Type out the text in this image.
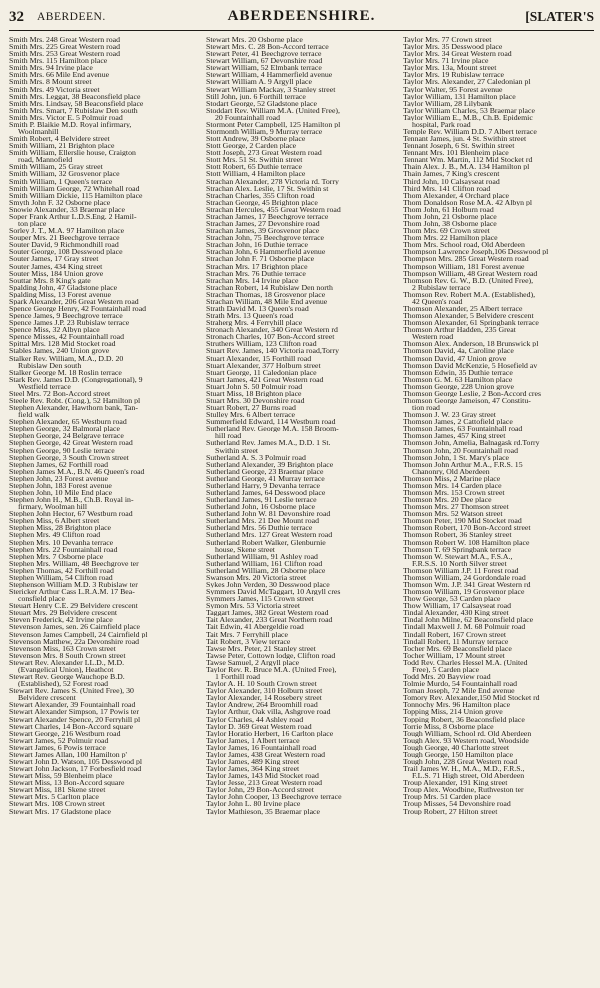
32 ABERDEEN.	ABERDEENSHIRE.	[SLATER'S
Smith Mrs. 248 Great Western road
Smith Mrs. 225 Great Western road
Smith Mrs. 253 Great Western road
Smith Mrs. 115 Hamilton place
Smith Mrs. 94 Irvine place
Smith Mrs. 66 Mile End avenue
Smith Mrs. 8 Mount street
Smith Mrs. 49 Victoria street
Smith Mrs. Leggat, 38 Beaconsfield place
Smith Mrs. Lindsay, 58 Beaconsfield place
Smith Mrs. Smart, 7 Rubislaw Den south
Smith Mrs. Victor E. 5 Polmuir road
Smith P. Blaikie M.D. Royal infirmary,
Woolmanhill
Smith Robert, 4 Belvidere street
Smith William, 21 Brighton place
Smith William, Ellerslie house, Craigton
road, Mannofield
Smith William, 25 Gray street
Smith William, 32 Grosvenor place
Smith William, 1 Queen's terrace
Smith William George, 72 Whitehall road
Smith William Dickie, 115 Hamilton place
Smyth John F. 32 Osborne place
Snowie Alexander, 33 Braemar place
Soper Frank Arthur L.D.S.Eng. 2 Hamil-
ton place
Sorley J. T., M.A. 97 Hamilton place
Souper Mrs. 21 Beechgrove terrace
Souter David, 9 Richmondhill road
Souter George, 108 Desswood place
Souter James, 17 Gray street
Souter James, 434 King street
Souter Miss, 184 Union grove
Souttar Mrs. 8 King's gate
Spalding John, 47 Gladstone place
Spalding Miss, 13 Forest avenue
Spark Alexander, 206 Great Western road
Spence George Henry, 42 Fountainhall road
Spence James, 9 Beechgrove terrace
Spence James J.P. 23 Rubislaw terrace
Spence Miss, 32 Albyn place
Spence Misses, 42 Fountainhall road
Spittal Mrs. 128 Mid Stocket road
Stables James, 240 Union grove
Stalker Rev. William, M.A., D.D. 20
Rubislaw Den south
Stalker George M. 18 Roslin terrace
Stark Rev. James D.D. (Congregational), 9
Westfield terrace
Steel Mrs. 72 Bon-Accord street
Steele Rev. Robt. (Cong.), 52 Hamilton pl
Stephen Alexander, Hawthorn bank, Tan-
field walk
Stephen Alexander, 65 Westburn road
Stephen George, 32 Balmoral place
Stephen George, 24 Belgrave terrace
Stephen George, 42 Great Western road
Stephen George, 90 Leslie terrace
Stephen George, 3 South Crown street
Stephen James, 62 Forthill road
Stephen James M.A., B.N. 46 Queen's road
Stephen John, 23 Forest avenue
Stephen John, 183 Forest avenue
Stephen John, 10 Mile End place
Stephen John H., M.B., Ch.B. Royal in-
firmary, Woolman hill
Stephen John Hector, 67 Westburn road
Stephen Miss, 6 Albert street
Stephen Miss, 28 Brighton place
Stephen Mrs. 49 Clifton road
Stephen Mrs. 10 Devanha terrace
Stephen Mrs. 22 Fountainhall road
Stephen Mrs. 7 Osborne place
Stephen Mrs. William, 48 Beechgrove ter
Stephen Thomas, 42 Forthill road
Stephen William, 54 Clifton road
Stephenson William M.D. 3 Rubislaw ter
Stericker Arthur Cass L.R.A.M. 17 Bea-
consfield place
Steuart Henry C.E. 29 Belvidere crescent
Steuart Mrs. 29 Belvidere crescent
Steven Frederick, 42 Irvine place
Stevenson James, sen. 26 Cairnfield place
Stevenson James Campbell, 24 Cairnfield pl
Stevenson Matthew, 22a Devonshire road
Stevenson Miss, 163 Crown street
Stevenson Mrs. 8 South Crown street
Stewart Rev. Alexander LL.D., M.D.
(Evangelical Union), Heathcot
Stewart Rev. George Wauchope B.D.
(Established), 52 Forest road
Stewart Rev. James S. (United Free), 30
Belvidere crescent
Stewart Alexander, 39 Fountainhall road
Stewart Alexander Simpson, 17 Powis ter
Stewart Alexander Spence, 20 Ferryhill pl
Stewart Charles, 14 Bon-Accord square
Stewart George, 216 Westburn road
Stewart James, 52 Polmuir road
Stewart James, 6 Powis terrace
Stewart James Allan, 100 Hamilton p'
Stewart John D. Watson, 105 Desswood pl
Stewart John Jackson, 17 Forbesfield road
Stewart Miss, 59 Blenheim place
Stewart Miss, 13 Bon-Accord square
Stewart Miss, 181 Skene street
Stewart Mrs. 5 Carlton place
Stewart Mrs. 108 Crown street
Stewart Mrs. 17 Gladstone place
Stewart Mrs. 20 Osborne place
Stewart Mrs. C. 28 Bon-Accord terrace
Stewart Peter, 41 Beechgrove terrace
Stewart William, 67 Devonshire road
Stewart William, 52 Elmbank terrace
Stewart William, 4 Hammerfield avenue
Stewart William A. 9 Argyll place
Stewart William Mackay, 3 Stanley street
Still John, jun. 6 Forthill terrace
Stodart George, 52 Gladstone place
Stoddart Rev. William M.A. (United Free),
20 Fountainhall road
Stormont Peter Campbell, 125 Hamilton pl
Stormonth William, 9 Murray terrace
Stott Andrew, 39 Osborne place
Stott George, 2 Carden place
Stott Joseph, 273 Great Western road
Stott Mrs. 51 St. Swithin street
Stott Robert, 65 Duthie terrace
Stott William, 4 Hamilton place
Strachan Alexander, 278 Victoria rd. Torry
Strachan Alex. Leslie, 17 St. Swithin st
Strachan Charles, 355 Clifton road
Strachan George, 45 Brighton place
Strachan Hercules, 455 Great Western road
Strachan James, 17 Beechgrove terrace
Strachan James, 27 Devonshire road
Strachan James, 39 Grosvenor place
Strachan John, 75 Beechgrove terrace
Strachan John, 16 Duthie terrace
Strachan John, 6 Hammerfield avenue
Strachan John F. 71 Osborne place
Strachan Mrs. 17 Brighton place
Strachan Mrs. 76 Duthie terrace
Strachan Mrs. 14 Irvine place
Strachan Robert, 14 Rubislaw Den north
Strachan Thomas, 18 Grosvenor place
Strachan William, 48 Mile End avenue
Strath David M. 13 Queen's road
Strath Mrs. 13 Queen's road
Straherg Mrs. 4 Ferryhill place
Stronach Alexander, 340 Great Western rd
Stronach Charles, 107 Bon-Accord street
Struthers William, 123 Clifton road
Stuart Rev. James, 140 Victoria road,Torry
Stuart Alexander, 15 Forthill road
Stuart Alexander, 377 Holburn street
Stuart George, 11 Caledonian place
Stuart James, 421 Great Western road
Stuart John S. 50 Polmuir road
Stuart Miss, 18 Brighton place
Stuart Mrs. 30 Devonshire road
Stuart Robert, 27 Burns road
Stulley Mrs. 6 Albert terrace
Summerfield Edward, 114 Westburn road
Sutherland Rev. George M.A. 158 Broom-
hill road
Sutherland Rev. James M.A., D.D. 1 St.
Swithin street
Sutherland A. S. 3 Polmuir road
Sutherland Alexander, 39 Brighton place
Sutherland George, 23 Braemar place
Sutherland George, 41 Murray terrace
Sutherland Harry, 9 Devanha terrace
Sutherland James, 64 Desswood place
Sutherland James, 91 Leslie terrace
Sutherland John, 16 Osborne place
Sutherland John W. 81 Devonshire road
Sutherland Mrs. 21 Dee Mount road
Sutherland Mrs. 56 Duthie terrace
Sutherland Mrs. 127 Great Western road
Sutherland Robert Walker, Glenburnie
house, Skene street
Sutherland William, 91 Ashley road
Sutherland William, 161 Clifton road
Sutherland William, 28 Osborne place
Swanson Mrs. 20 Victoria street
Sykes John Verden, 30 Desswood place
Symmers David McTaggart, 10 Argyll cres
Symmers James, 115 Crown street
Symon Mrs. 53 Victoria street
Taggart James, 382 Great Western road
Tait Alexander, 233 Great Northern road
Tait Edwin, 41 Abergeldie road
Tait Mrs. 7 Ferryhill place
Tait Robert, 3 View terrace
Tawse Mrs. Peter, 21 Stanley street
Tawse Peter, Cottown lodge, Clifton road
Tawse Samuel, 2 Argyll place
Taylor Rev. R. Bruce M.A. (United Free),
1 Forthill road
Taylor A. H. 10 South Crown street
Taylor Alexander, 310 Holburn street
Taylor Alexander, 14 Rosebery street
Taylor Andrew, 264 Broomhill road
Taylor Arthur, Oak villa, Ashgrove road
Taylor Charles, 44 Ashley road
Taylor D. 369 Great Western road
Taylor Horatio Herbert, 16 Carlton place
Taylor James, 1 Albert terrace
Taylor James, 16 Fountainhall road
Taylor James, 438 Great Western road
Taylor James, 489 King street
Taylor James, 364 King street
Taylor James, 143 Mid Stocket road
Taylor Jesse, 213 Great Western road
Taylor John, 29 Bon-Accord street
Taylor John Cooper, 13 Beechgrove terrace
Taylor John L. 80 Irvine place
Taylor Mathieson, 35 Braemar place
Taylor Mrs. 77 Crown street
Taylor Mrs. 35 Desswood place
Taylor Mrs. 34 Great Western road
Taylor Mrs. 71 Irvine place
Taylor Mrs. 13a, Mount street
Taylor Mrs. 19 Rubislaw terrace
Taylor Mrs. Alexander, 27 Caledonian pl
Taylor Walter, 95 Forest avenue
Taylor William, 131 Hamilton place
Taylor William, 28 Lilybank
Taylor William Charles, 53 Braemar place
Taylor William E., M.B., Ch.B. Epidemic
hospital, Park road
Temple Rev. William D.D. 7 Albert terrace
Tennant James, jun. 4 St. Swithin street
Tennant Joseph, 6 St. Swithin street
Tennant Mrs. 101 Blenheim place
Tennant Wm. Martin, 112 Mid Stocket rd
Thain Alex. J. B., M.A. 134 Hamilton pl
Thain James, 7 King's crescent
Third John, 10 Calsayseat road
Third Mrs. 141 Clifton road
Thom Alexander, 4 Orchard place
Thom Donaldson Rose M.A. 42 Albyn pl
Thom John, 61 Holburn road
Thom John, 21 Osborne place
Thom John, 38 Osborne place
Thom Mrs. 69 Crown street
Thom Mrs. 22 Hamilton place
Thom Mrs. School road, Old Aberdeen
Thompson Lawrence Joseph,106 Desswood pl
Thompson Mrs. 285 Great Western road
Thompson William, 181 Forest avenue
Thompson William, 48 Great Western road
Thomson Rev. G. W., B.D. (United Free),
2 Rubislaw terrace
Thomson Rev. Robert M.A. (Established),
42 Queen's road
Thomson Alexander, 25 Albert terrace
Thomson Alexander, 5 Belvidere crescent
Thomson Alexander, 61 Springbank terrace
Thomson Arthur Hadden, 235 Great
Western road
Thomson Alex. Anderson, 18 Brunswick pl
Thomson David, 4a, Caroline place
Thomson David, 47 Union grove
Thomson David McKenzie, 5 Hosefield av
Thomson Edwin, 35 Duthie terrace
Thomson G. M. 63 Hamilton place
Thomson George, 228 Union grove
Thomson George Leslie, 2 Bon-Accord cres
Thomson George Jameison, 47 Constitu-
tion road
Thomson J. W. 23 Gray street
Thomson James, 2 Cattofield place
Thomson James, 63 Fountainhall road
Thomson James, 457 King street
Thomson John, Amelia, Balnagask rd.Torry
Thomson John, 20 Fountainhall road
Thomson John, 1 St. Mary's place
Thomson John Arthur M.A., F.R.S. 15
Chanonry, Old Aberdeen
Thomson Miss, 2 Marine place
Thomson Mrs. 14 Carden place
Thomson Mrs. 153 Crown street
Thomson Mrs. 20 Dee place
Thomson Mrs. 27 Thomson street
Thomson Mrs. 52 Watson street
Thomson Peter, 190 Mid Stocket road
Thomson Robert, 170 Bon-Accord street
Thomson Robert, 36 Stanley street
Thomson Robert W. 108 Hamilton place
Thomson T. 69 Springbank terrace
Thomson W. Stewart M.A., F.S.A.,
F.R.S.S. 10 North Silver street
Thomson William J.P. 11 Forest road
Thomson William, 24 Gordondale road
Thomson Wm. J.P. 341 Great Western rd
Thomson William, 19 Grosvenor place
Thow George, 53 Carden place
Thow William, 17 Calsayseat road
Tindal Alexander, 430 King street
Tindal John Milne, 62 Beaconsfield place
Tindall Maxwell J. M. 68 Polmuir road
Tindall Robert, 167 Crown street
Tindall Robert, 11 Murray terrace
Tocher Mrs. 69 Beaconsfield place
Tocher William, 17 Mount street
Todd Rev. Charles Hessel M.A. (United
Free), 5 Carden place
Todd Mrs. 20 Bayview road
Tolmie Murdo, 54 Fountainhall road
Toman Joseph, 72 Mile End avenue
Tomory Rev. Alexander,150 Mid Stocket rd
Tonnochy Mrs. 96 Hamilton place
Topping Miss, 214 Union grove
Topping Robert, 36 Beaconsfield place
Torrie Miss, 8 Osborne place
Tough William, School rd. Old Aberdeen
Tough Alex. 93 Western road, Woodside
Tough George, 40 Charlotte street
Tough George, 150 Hamilton place
Tough John, 228 Great Western road
Trail James W. H., M.A., M.D., F.R.S.,
F.L.S. 71 High street, Old Aberdeen
Troup Alexander, 191 King street
Troup Alex. Woodbine, Ruthveston ter
Troup Mrs. 51 Carden place
Troup Misses, 54 Devonshire road
Troup Robert, 27 Hilton street
